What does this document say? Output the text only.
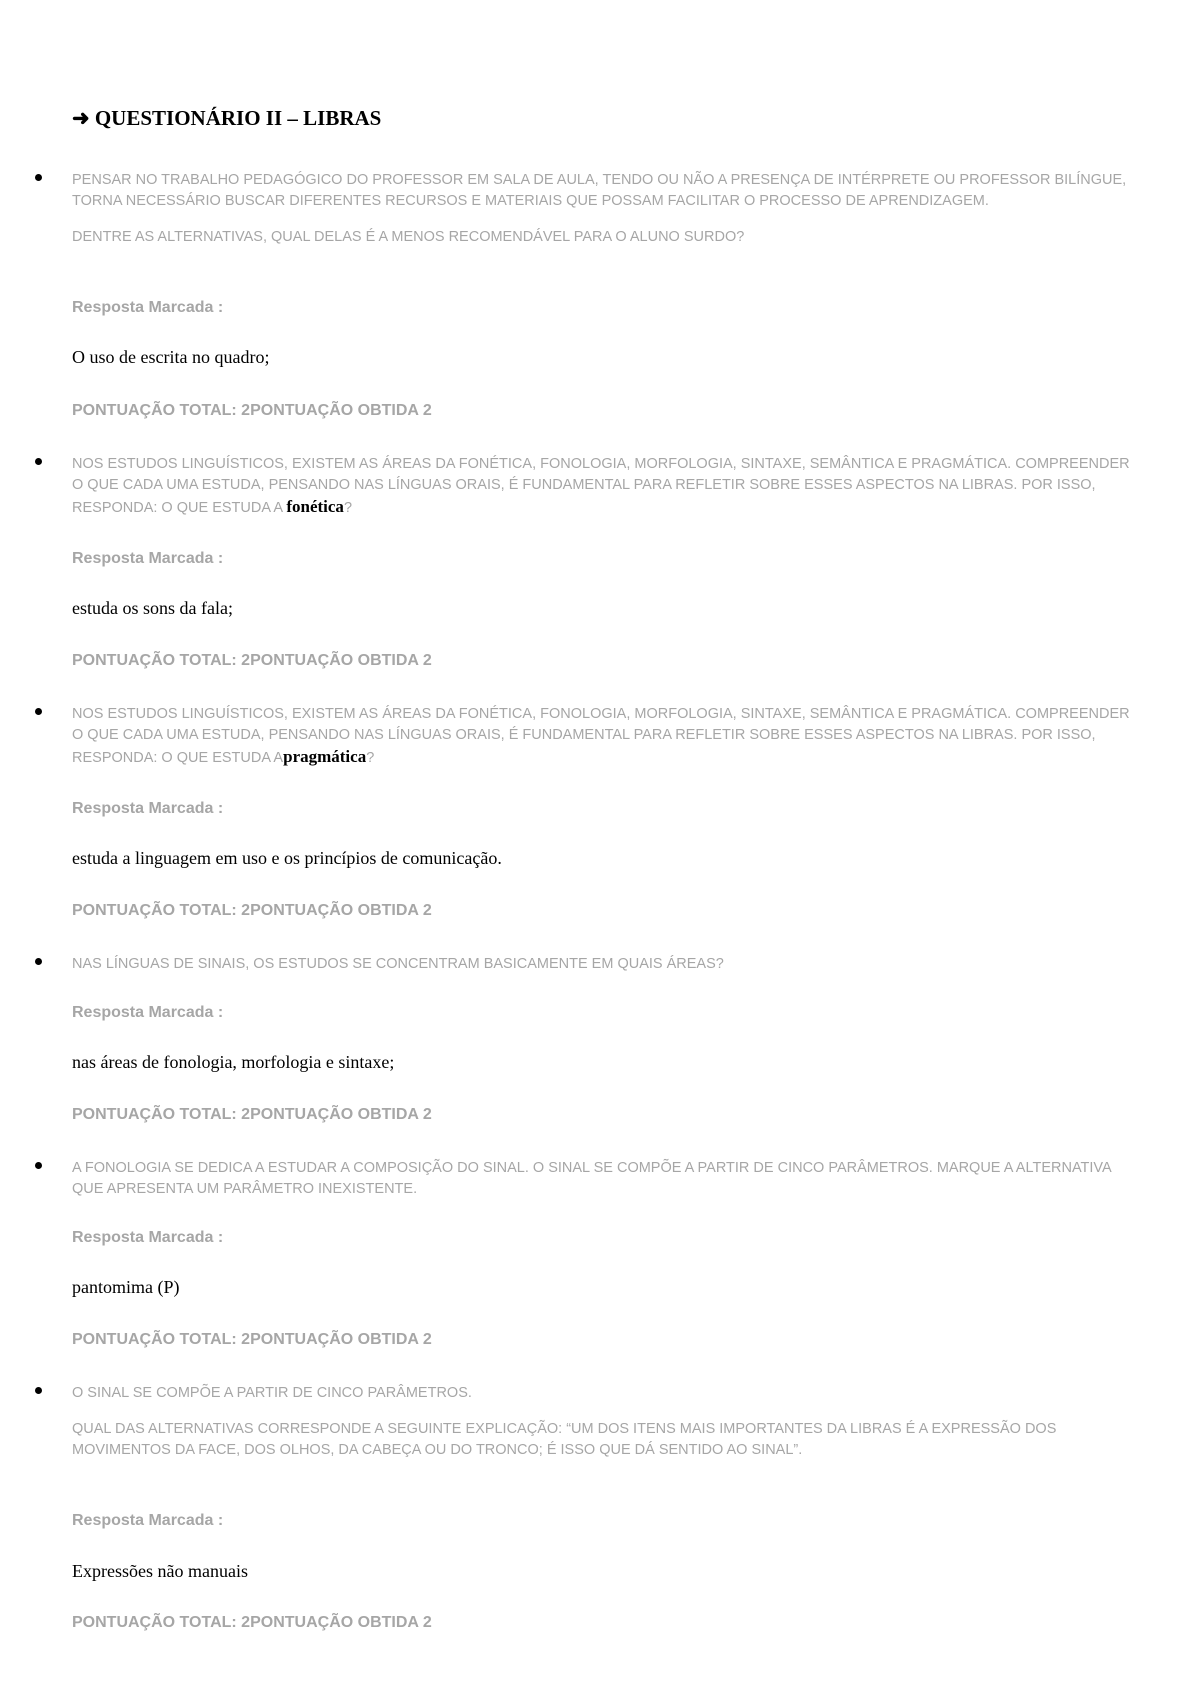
➜ QUESTIONÁRIO II – LIBRAS

PENSAR NO TRABALHO PEDAGÓGICO DO PROFESSOR EM SALA DE AULA, TENDO OU NÃO A PRESENÇA DE INTÉRPRETE OU PROFESSOR BILÍNGUE, TORNA NECESSÁRIO BUSCAR DIFERENTES RECURSOS E MATERIAIS QUE POSSAM FACILITAR O PROCESSO DE APRENDIZAGEM.

DENTRE AS ALTERNATIVAS, QUAL DELAS É A MENOS RECOMENDÁVEL PARA O ALUNO SURDO?

Resposta Marcada :

O uso de escrita no quadro;

PONTUAÇÃO TOTAL: 2PONTUAÇÃO OBTIDA 2

NOS ESTUDOS LINGUÍSTICOS, EXISTEM AS ÁREAS DA FONÉTICA, FONOLOGIA, MORFOLOGIA, SINTAXE, SEMÂNTICA E PRAGMÁTICA. COMPREENDER O QUE CADA UMA ESTUDA, PENSANDO NAS LÍNGUAS ORAIS, É FUNDAMENTAL PARA REFLETIR SOBRE ESSES ASPECTOS NA LIBRAS. POR ISSO, RESPONDA: O QUE ESTUDA A fonética?

Resposta Marcada :

estuda os sons da fala;

PONTUAÇÃO TOTAL: 2PONTUAÇÃO OBTIDA 2

NOS ESTUDOS LINGUÍSTICOS, EXISTEM AS ÁREAS DA FONÉTICA, FONOLOGIA, MORFOLOGIA, SINTAXE, SEMÂNTICA E PRAGMÁTICA. COMPREENDER O QUE CADA UMA ESTUDA, PENSANDO NAS LÍNGUAS ORAIS, É FUNDAMENTAL PARA REFLETIR SOBRE ESSES ASPECTOS NA LIBRAS. POR ISSO, RESPONDA: O QUE ESTUDA Apragmática?

Resposta Marcada :

estuda a linguagem em uso e os princípios de comunicação.

PONTUAÇÃO TOTAL: 2PONTUAÇÃO OBTIDA 2

NAS LÍNGUAS DE SINAIS, OS ESTUDOS SE CONCENTRAM BASICAMENTE EM QUAIS ÁREAS?

Resposta Marcada :

nas áreas de fonologia, morfologia e sintaxe;

PONTUAÇÃO TOTAL: 2PONTUAÇÃO OBTIDA 2

A FONOLOGIA SE DEDICA A ESTUDAR A COMPOSIÇÃO DO SINAL. O SINAL SE COMPÕE A PARTIR DE CINCO PARÂMETROS. MARQUE A ALTERNATIVA QUE APRESENTA UM PARÂMETRO INEXISTENTE.

Resposta Marcada :

pantomima (P)

PONTUAÇÃO TOTAL: 2PONTUAÇÃO OBTIDA 2

O SINAL SE COMPÕE A PARTIR DE CINCO PARÂMETROS.

QUAL DAS ALTERNATIVAS CORRESPONDE A SEGUINTE EXPLICAÇÃO: “UM DOS ITENS MAIS IMPORTANTES DA LIBRAS É A EXPRESSÃO DOS MOVIMENTOS DA FACE, DOS OLHOS, DA CABEÇA OU DO TRONCO; É ISSO QUE DÁ SENTIDO AO SINAL”.

Resposta Marcada :

Expressões não manuais

PONTUAÇÃO TOTAL: 2PONTUAÇÃO OBTIDA 2
